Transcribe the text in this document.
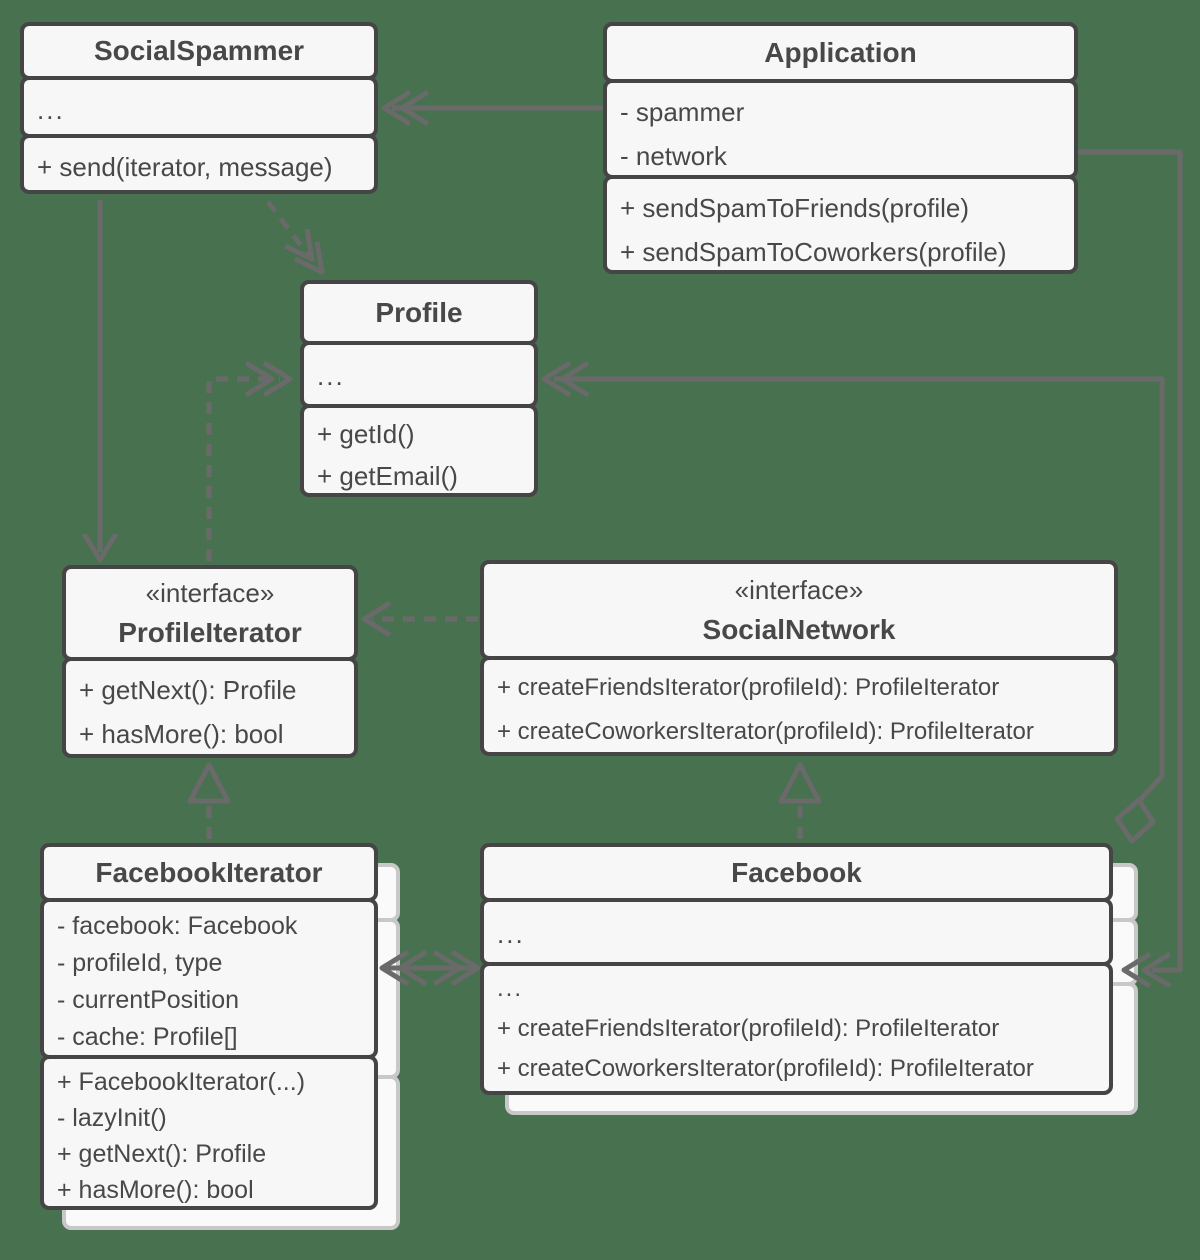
SocialSpammer
...
+ send(iterator, message)
Application
- spammer
- network
+ sendSpamToFriends(profile)
+ sendSpamToCoworkers(profile)
Profile
...
+ getId()
+ getEmail()
«interface»
ProfileIterator
+ getNext(): Profile
+ hasMore(): bool
«interface»
SocialNetwork
+ createFriendsIterator(profileId): ProfileIterator
+ createCoworkersIterator(profileId): ProfileIterator
FacebookIterator
- facebook: Facebook
- profileId, type
- currentPosition
- cache: Profile[]
+ FacebookIterator(...)
- lazyInit()
+ getNext(): Profile
+ hasMore(): bool
Facebook
...
...
+ createFriendsIterator(profileId): ProfileIterator
+ createCoworkersIterator(profileId): ProfileIterator
